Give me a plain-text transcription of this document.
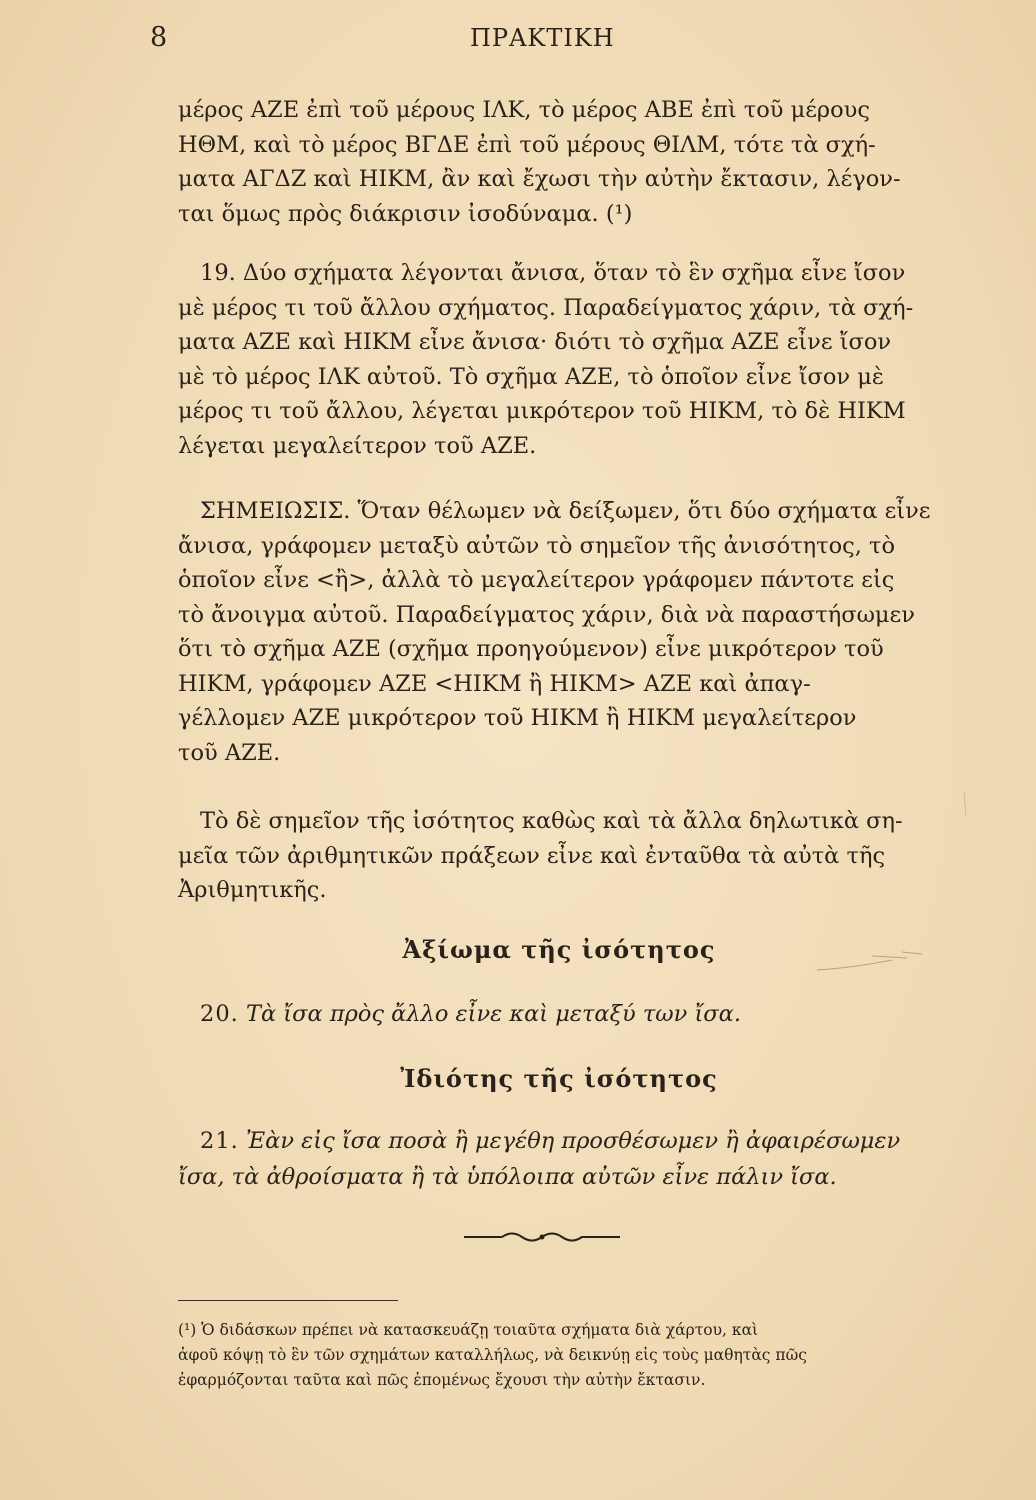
8	ΠΡΑΚΤΙΚΗ

μέρος ΑΖΕ ἐπὶ τοῦ μέρους ΙΛΚ, τὸ μέρος ΑΒΕ ἐπὶ τοῦ μέρους

ΗΘΜ, καὶ τὸ μέρος ΒΓΔΕ ἐπὶ τοῦ μέρους ΘΙΛΜ, τότε τὰ σχή-

ματα ΑΓΔΖ καὶ ΗΙΚΜ, ἂν καὶ ἔχωσι τὴν αὐτὴν ἔκτασιν, λέγον-

ται ὅμως πρὸς διάκρισιν ἰσοδύναμα. (¹)

19. Δύο σχήματα λέγονται ἄνισα, ὅταν τὸ ἓν σχῆμα εἶνε ἴσον

μὲ μέρος τι τοῦ ἄλλου σχήματος. Παραδείγματος χάριν, τὰ σχή-

ματα ΑΖΕ καὶ ΗΙΚΜ εἶνε ἄνισα· διότι τὸ σχῆμα ΑΖΕ εἶνε ἴσον

μὲ τὸ μέρος ΙΛΚ αὐτοῦ. Τὸ σχῆμα ΑΖΕ, τὸ ὁποῖον εἶνε ἴσον μὲ

μέρος τι τοῦ ἄλλου, λέγεται μικρότερον τοῦ ΗΙΚΜ, τὸ δὲ ΗΙΚΜ

λέγεται μεγαλείτερον τοῦ ΑΖΕ.

ΣΗΜΕΙΩΣΙΣ. Ὅταν θέλωμεν νὰ δείξωμεν, ὅτι δύο σχήματα εἶνε

ἄνισα, γράφομεν μεταξὺ αὐτῶν τὸ σημεῖον τῆς ἀνισότητος, τὸ

ὁποῖον εἶνε <ἢ>, ἀλλὰ τὸ μεγαλείτερον γράφομεν πάντοτε εἰς

τὸ ἄνοιγμα αὐτοῦ. Παραδείγματος χάριν, διὰ νὰ παραστήσωμεν

ὅτι τὸ σχῆμα ΑΖΕ (σχῆμα προηγούμενον) εἶνε μικρότερον τοῦ

ΗΙΚΜ, γράφομεν ΑΖΕ <ΗΙΚΜ ἢ ΗΙΚΜ> ΑΖΕ καὶ ἀπαγ-

γέλλομεν ΑΖΕ μικρότερον τοῦ ΗΙΚΜ ἢ ΗΙΚΜ μεγαλείτερον

τοῦ ΑΖΕ.

Τὸ δὲ σημεῖον τῆς ἰσότητος καθὼς καὶ τὰ ἄλλα δηλωτικὰ ση-

μεῖα τῶν ἀριθμητικῶν πράξεων εἶνε καὶ ἐνταῦθα τὰ αὐτὰ τῆς

Ἀριθμητικῆς.

Ἀξίωμα τῆς ἰσότητος
20. Τὰ ἴσα πρὸς ἄλλο εἶνε καὶ μεταξύ των ἴσα.
Ἰδιότης τῆς ἰσότητος
21. Ἐὰν εἰς ἴσα ποσὰ ἢ μεγέθη προσθέσωμεν ἢ ἀφαιρέσωμεν
ἴσα, τὰ ἀθροίσματα ἢ τὰ ὑπόλοιπα αὐτῶν εἶνε πάλιν ἴσα.
(¹) Ὁ διδάσκων πρέπει νὰ κατασκευάζῃ τοιαῦτα σχήματα διὰ χάρτου, καὶ
ἀφοῦ κόψῃ τὸ ἓν τῶν σχημάτων καταλλήλως, νὰ δεικνύῃ εἰς τοὺς μαθητὰς πῶς
ἐφαρμόζονται ταῦτα καὶ πῶς ἐπομένως ἔχουσι τὴν αὐτὴν ἔκτασιν.
